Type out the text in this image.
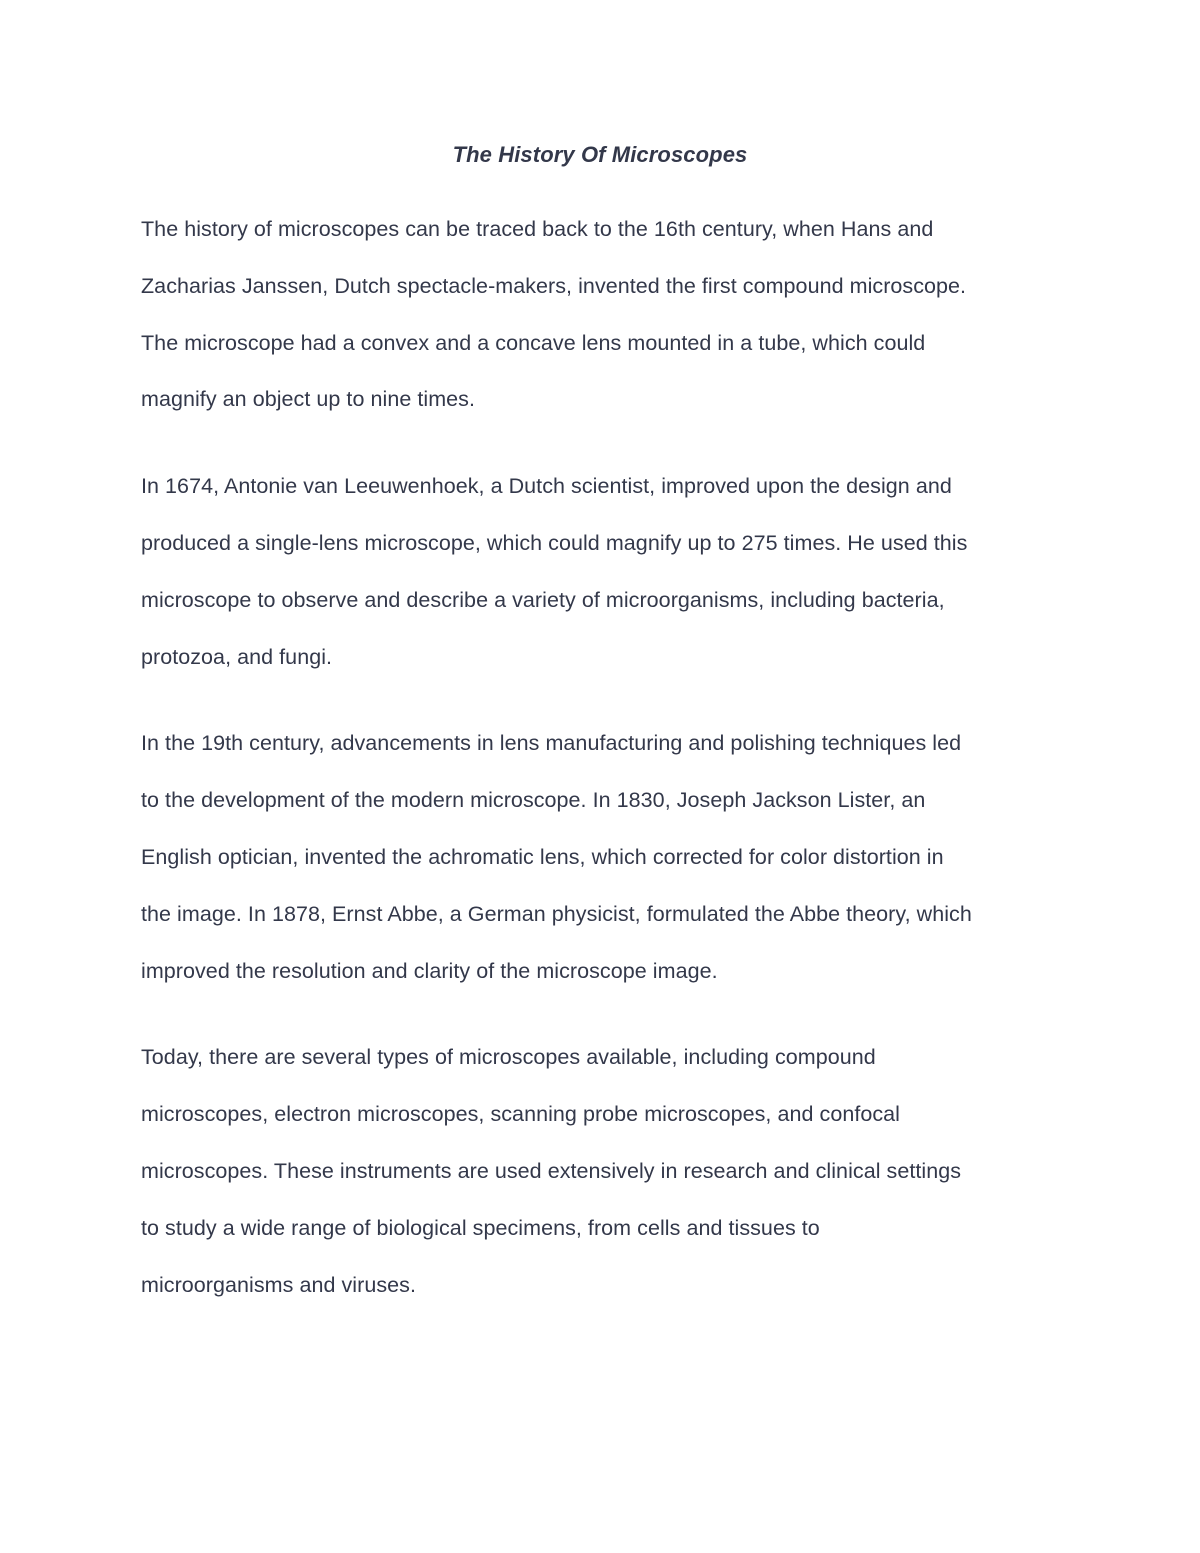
The History Of Microscopes
The history of microscopes can be traced back to the 16th century, when Hans and
Zacharias Janssen, Dutch spectacle-makers, invented the first compound microscope.
The microscope had a convex and a concave lens mounted in a tube, which could
magnify an object up to nine times.
In 1674, Antonie van Leeuwenhoek, a Dutch scientist, improved upon the design and
produced a single-lens microscope, which could magnify up to 275 times. He used this
microscope to observe and describe a variety of microorganisms, including bacteria,
protozoa, and fungi.
In the 19th century, advancements in lens manufacturing and polishing techniques led
to the development of the modern microscope. In 1830, Joseph Jackson Lister, an
English optician, invented the achromatic lens, which corrected for color distortion in
the image. In 1878, Ernst Abbe, a German physicist, formulated the Abbe theory, which
improved the resolution and clarity of the microscope image.
Today, there are several types of microscopes available, including compound
microscopes, electron microscopes, scanning probe microscopes, and confocal
microscopes. These instruments are used extensively in research and clinical settings
to study a wide range of biological specimens, from cells and tissues to
microorganisms and viruses.
